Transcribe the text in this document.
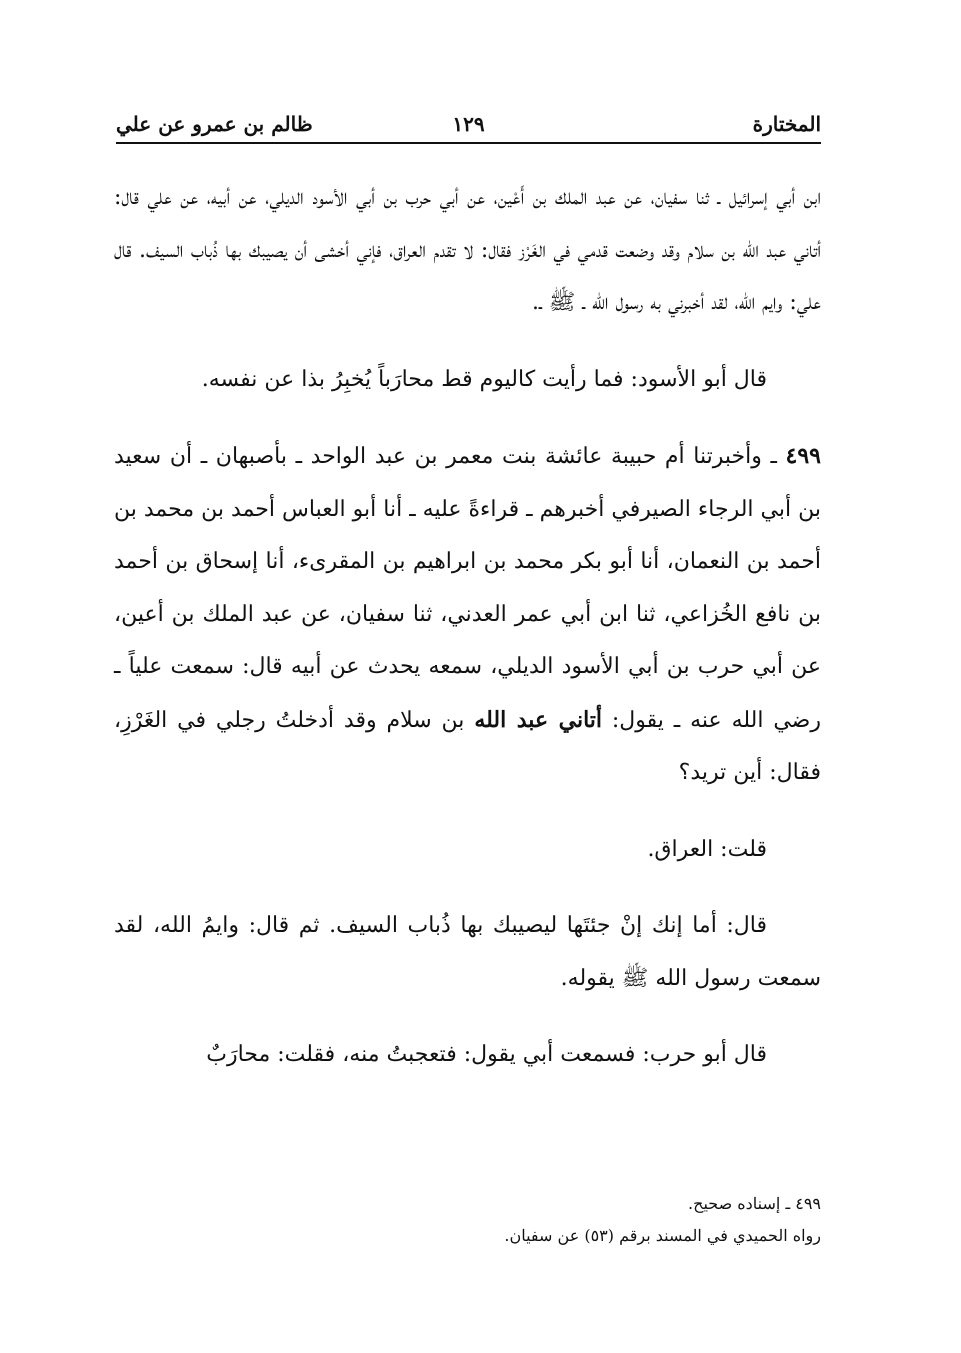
المختارة
١٢٩
ظالم بن عمرو عن علي

ابن أبي إسرائيل ـ ثنا سفيان، عن عبد الملك بن أَعْين، عن أبي حرب بن أبي الأسود الديلي، عن أبيه، عن علي قال: أتاني عبد الله بن سلام وقد وضعت قدمي في الغَرْز فقال: لا تقدم العراق، فإني أخشى أن يصيبك بها ذُباب السيف. قال علي: وايم الله، لقد أخبرني به رسول الله ـ ﷺ ـ.

قال أبو الأسود: فما رأيت كاليوم قط محارَباً يُخبِرُ بذا عن نفسه.

٤٩٩ ـ وأخبرتنا أم حبيبة عائشة بنت معمر بن عبد الواحد ـ بأصبهان ـ أن سعيد بن أبي الرجاء الصيرفي أخبرهم ـ قراءةً عليه ـ أنا أبو العباس أحمد بن محمد بن أحمد بن النعمان، أنا أبو بكر محمد بن ابراهيم بن المقرىء، أنا إسحاق بن أحمد بن نافع الخُزاعي، ثنا ابن أبي عمر العدني، ثنا سفيان، عن عبد الملك بن أعين، عن أبي حرب بن أبي الأسود الديلي، سمعه يحدث عن أبيه قال: سمعت علياً ـ رضي الله عنه ـ يقول: أتاني عبد الله بن سلام وقد أدخلتُ رجلي في الغَرْزِ، فقال: أين تريد؟

قلت: العراق.

قال: أما إنك إنْ جئتَها ليصيبك بها ذُباب السيف. ثم قال: وايمُ الله، لقد سمعت رسول الله ﷺ يقوله.

قال أبو حرب: فسمعت أبي يقول: فتعجبتُ منه، فقلت: محارَبٌ

٤٩٩ ـ إسناده صحيح.

رواه الحميدي في المسند برقم (٥٣) عن سفيان.
